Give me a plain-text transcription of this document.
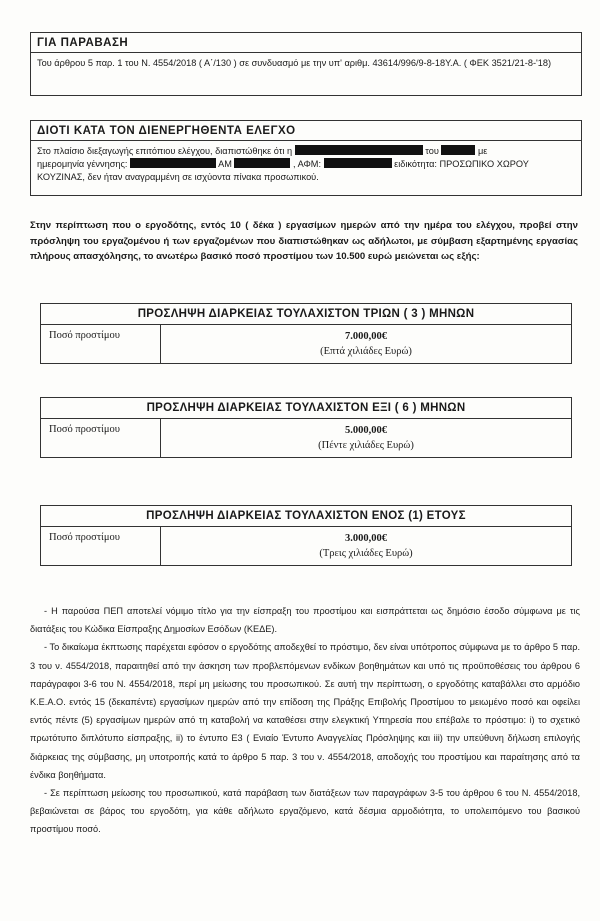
ΓΙΑ ΠΑΡΑΒΑΣΗ
Του άρθρου 5 παρ. 1 του Ν. 4554/2018 ( Α΄/130 ) σε συνδυασμό με την υπ' αριθμ. 43614/996/9-8-18Υ.Α. ( ΦΕΚ 3521/21-8-'18)
ΔΙΟΤΙ ΚΑΤΑ ΤΟΝ ΔΙΕΝΕΡΓΗΘΕΝΤΑ ΕΛΕΓΧΟ
Στο πλαίσιο διεξαγωγής επιτόπιου ελέγχου, διαπιστώθηκε ότι η	του	με
ημερομηνία γέννησης:	ΑΜ	, ΑΦΜ:	ειδικότητα: ΠΡΟΣΩΠΙΚΟ ΧΩΡΟΥ
ΚΟΥΖΙΝΑΣ, δεν ήταν αναγραμμένη σε ισχύοντα πίνακα προσωπικού.
Στην περίπτωση που ο εργοδότης, εντός 10 ( δέκα ) εργασίμων ημερών από την ημέρα του ελέγχου, προβεί στην πρόσληψη του εργαζομένου ή των εργαζομένων που διαπιστώθηκαν ως αδήλωτοι, με σύμβαση εξαρτημένης εργασίας πλήρους απασχόλησης, το ανωτέρω βασικό ποσό προστίμου των 10.500 ευρώ μειώνεται ως εξής:
ΠΡΟΣΛΗΨΗ ΔΙΑΡΚΕΙΑΣ ΤΟΥΛΑΧΙΣΤΟΝ ΤΡΙΩΝ ( 3 ) ΜΗΝΩΝ
Ποσό προστίμου	7.000,00€
(Επτά χιλιάδες Ευρώ)
ΠΡΟΣΛΗΨΗ ΔΙΑΡΚΕΙΑΣ ΤΟΥΛΑΧΙΣΤΟΝ ΕΞΙ ( 6 ) ΜΗΝΩΝ
Ποσό προστίμου	5.000,00€
(Πέντε χιλιάδες Ευρώ)
ΠΡΟΣΛΗΨΗ ΔΙΑΡΚΕΙΑΣ ΤΟΥΛΑΧΙΣΤΟΝ ΕΝΟΣ (1) ΕΤΟΥΣ
Ποσό προστίμου	3.000,00€
(Τρεις χιλιάδες Ευρώ)

- Η παρούσα ΠΕΠ αποτελεί νόμιμο τίτλο για την είσπραξη του προστίμου και εισπράττεται ως δημόσιο έσοδο σύμφωνα με τις διατάξεις του Κώδικα Είσπραξης Δημοσίων Εσόδων (ΚΕΔΕ).

- Το δικαίωμα έκπτωσης παρέχεται εφόσον ο εργοδότης αποδεχθεί το πρόστιμο, δεν είναι υπότροπος σύμφωνα με το άρθρο 5 παρ. 3 του ν. 4554/2018, παραιτηθεί από την άσκηση των προβλεπόμενων ενδίκων βοηθημάτων και υπό τις προϋποθέσεις του άρθρου 6 παράγραφοι 3-6 του Ν. 4554/2018, περί μη μείωσης του προσωπικού. Σε αυτή την περίπτωση, ο εργοδότης καταβάλλει στο αρμόδιο Κ.Ε.Α.Ο. εντός 15 (δεκαπέντε) εργασίμων ημερών από την επίδοση της Πράξης Επιβολής Προστίμου το μειωμένο ποσό και οφείλει εντός πέντε (5) εργασίμων ημερών από τη καταβολή να καταθέσει στην ελεγκτική Υπηρεσία που επέβαλε το πρόστιμο: i) το σχετικό πρωτότυπο διπλότυπο είσπραξης, ii) το έντυπο Ε3 ( Ενιαίο Έντυπο Αναγγελίας Πρόσληψης και iii) την υπεύθυνη δήλωση επιλογής διάρκειας της σύμβασης, μη υποτροπής κατά το άρθρο 5 παρ. 3 του ν. 4554/2018, αποδοχής του προστίμου και παραίτησης από τα ένδικα βοηθήματα.

- Σε περίπτωση μείωσης του προσωπικού, κατά παράβαση των διατάξεων των παραγράφων 3-5 του άρθρου 6 του Ν. 4554/2018, βεβαιώνεται σε βάρος του εργοδότη, για κάθε αδήλωτο εργαζόμενο, κατά δέσμια αρμοδιότητα, το υπολειπόμενο του βασικού προστίμου ποσό.
